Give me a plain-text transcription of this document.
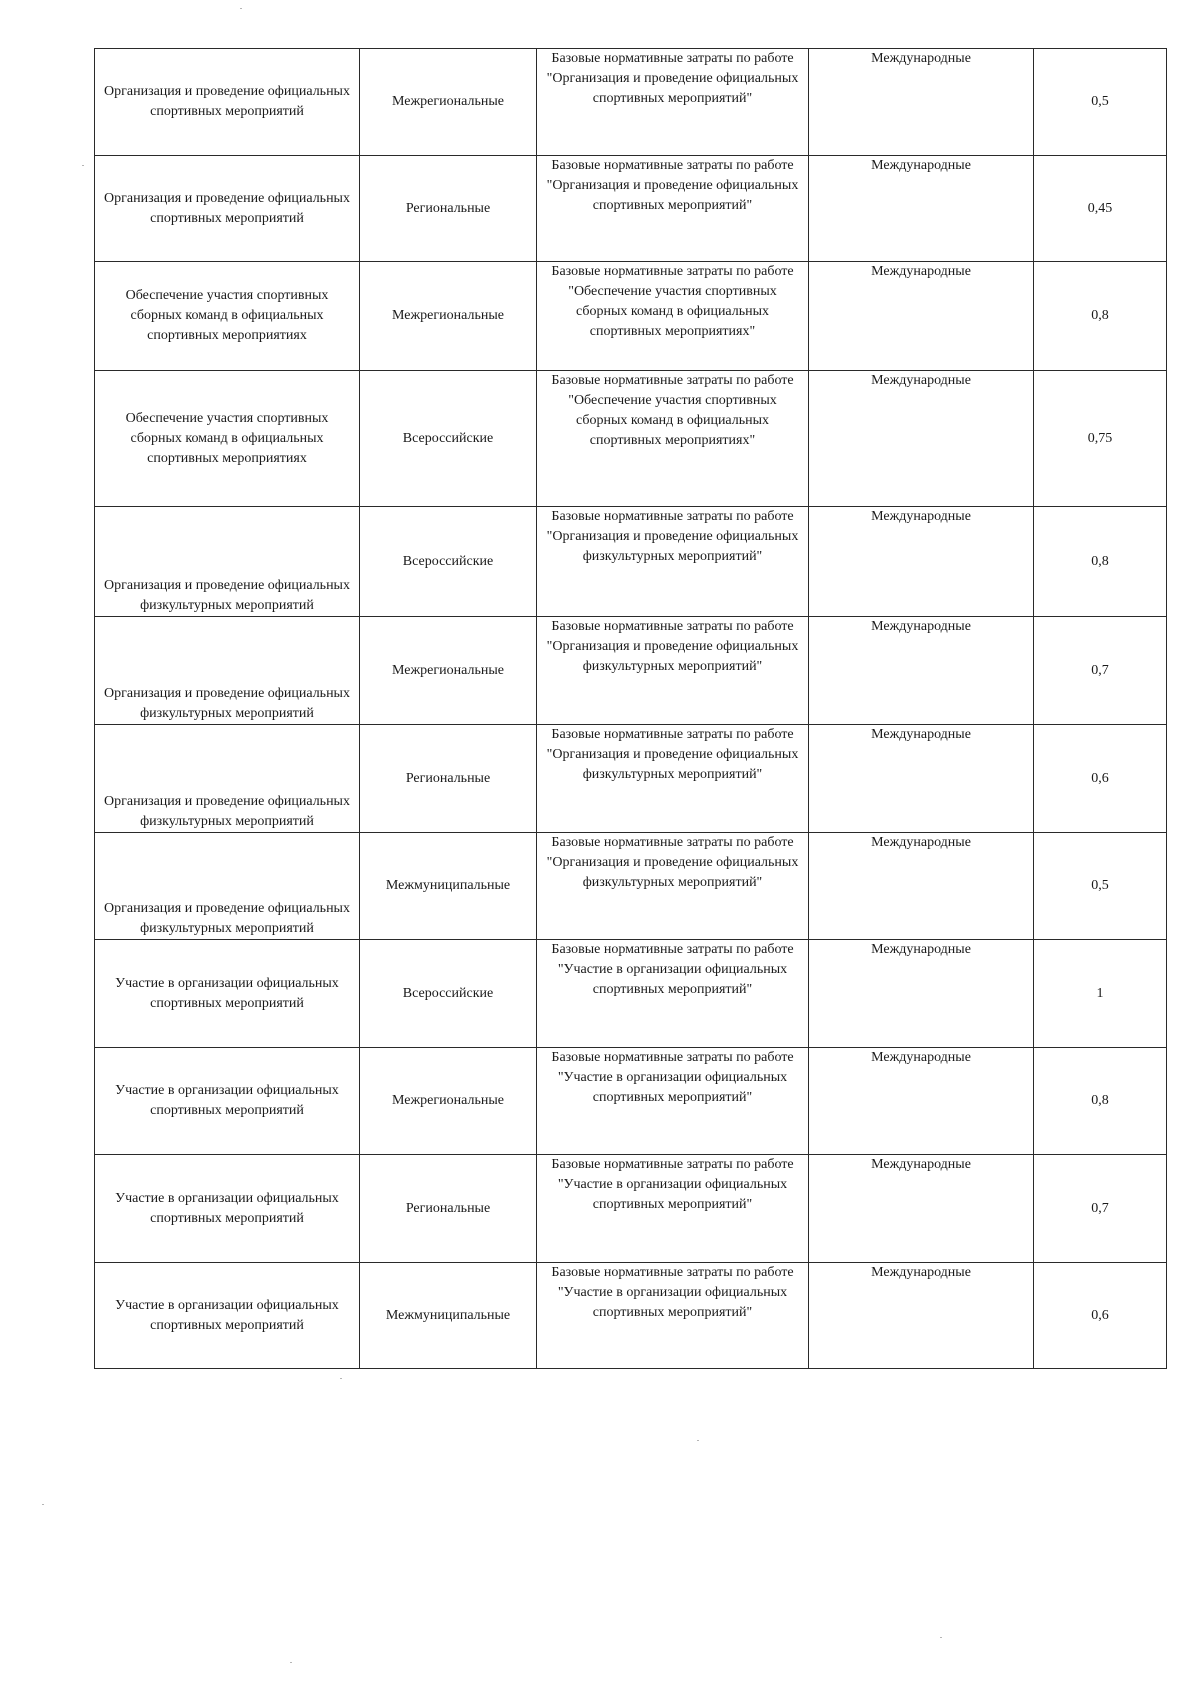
Организация и проведение официальных спортивных мероприятий	Межрегиональные	Базовые нормативные затраты по работе "Организация и проведение официальных спортивных мероприятий"	Международные	0,5
Организация и проведение официальных спортивных мероприятий	Региональные	Базовые нормативные затраты по работе "Организация и проведение официальных спортивных мероприятий"	Международные	0,45
Обеспечение участия спортивных сборных команд в официальных спортивных мероприятиях	Межрегиональные	Базовые нормативные затраты по работе "Обеспечение участия спортивных сборных команд в официальных спортивных мероприятиях"	Международные	0,8
Обеспечение участия спортивных сборных команд в официальных спортивных мероприятиях	Всероссийские	Базовые нормативные затраты по работе "Обеспечение участия спортивных сборных команд в официальных спортивных мероприятиях"	Международные	0,75
Организация и проведение официальных физкультурных мероприятий	Всероссийские	Базовые нормативные затраты по работе "Организация и проведение официальных физкультурных мероприятий"	Международные	0,8
Организация и проведение официальных физкультурных мероприятий	Межрегиональные	Базовые нормативные затраты по работе "Организация и проведение официальных физкультурных мероприятий"	Международные	0,7
Организация и проведение официальных физкультурных мероприятий	Региональные	Базовые нормативные затраты по работе "Организация и проведение официальных физкультурных мероприятий"	Международные	0,6
Организация и проведение официальных физкультурных мероприятий	Межмуниципальные	Базовые нормативные затраты по работе "Организация и проведение официальных физкультурных мероприятий"	Международные	0,5
Участие в организации официальных спортивных мероприятий	Всероссийские	Базовые нормативные затраты по работе "Участие в организации официальных спортивных мероприятий"	Международные	1
Участие в организации официальных спортивных мероприятий	Межрегиональные	Базовые нормативные затраты по работе "Участие в организации официальных спортивных мероприятий"	Международные	0,8
Участие в организации официальных спортивных мероприятий	Региональные	Базовые нормативные затраты по работе "Участие в организации официальных спортивных мероприятий"	Международные	0,7
Участие в организации официальных спортивных мероприятий	Межмуниципальные	Базовые нормативные затраты по работе "Участие в организации официальных спортивных мероприятий"	Международные	0,6
